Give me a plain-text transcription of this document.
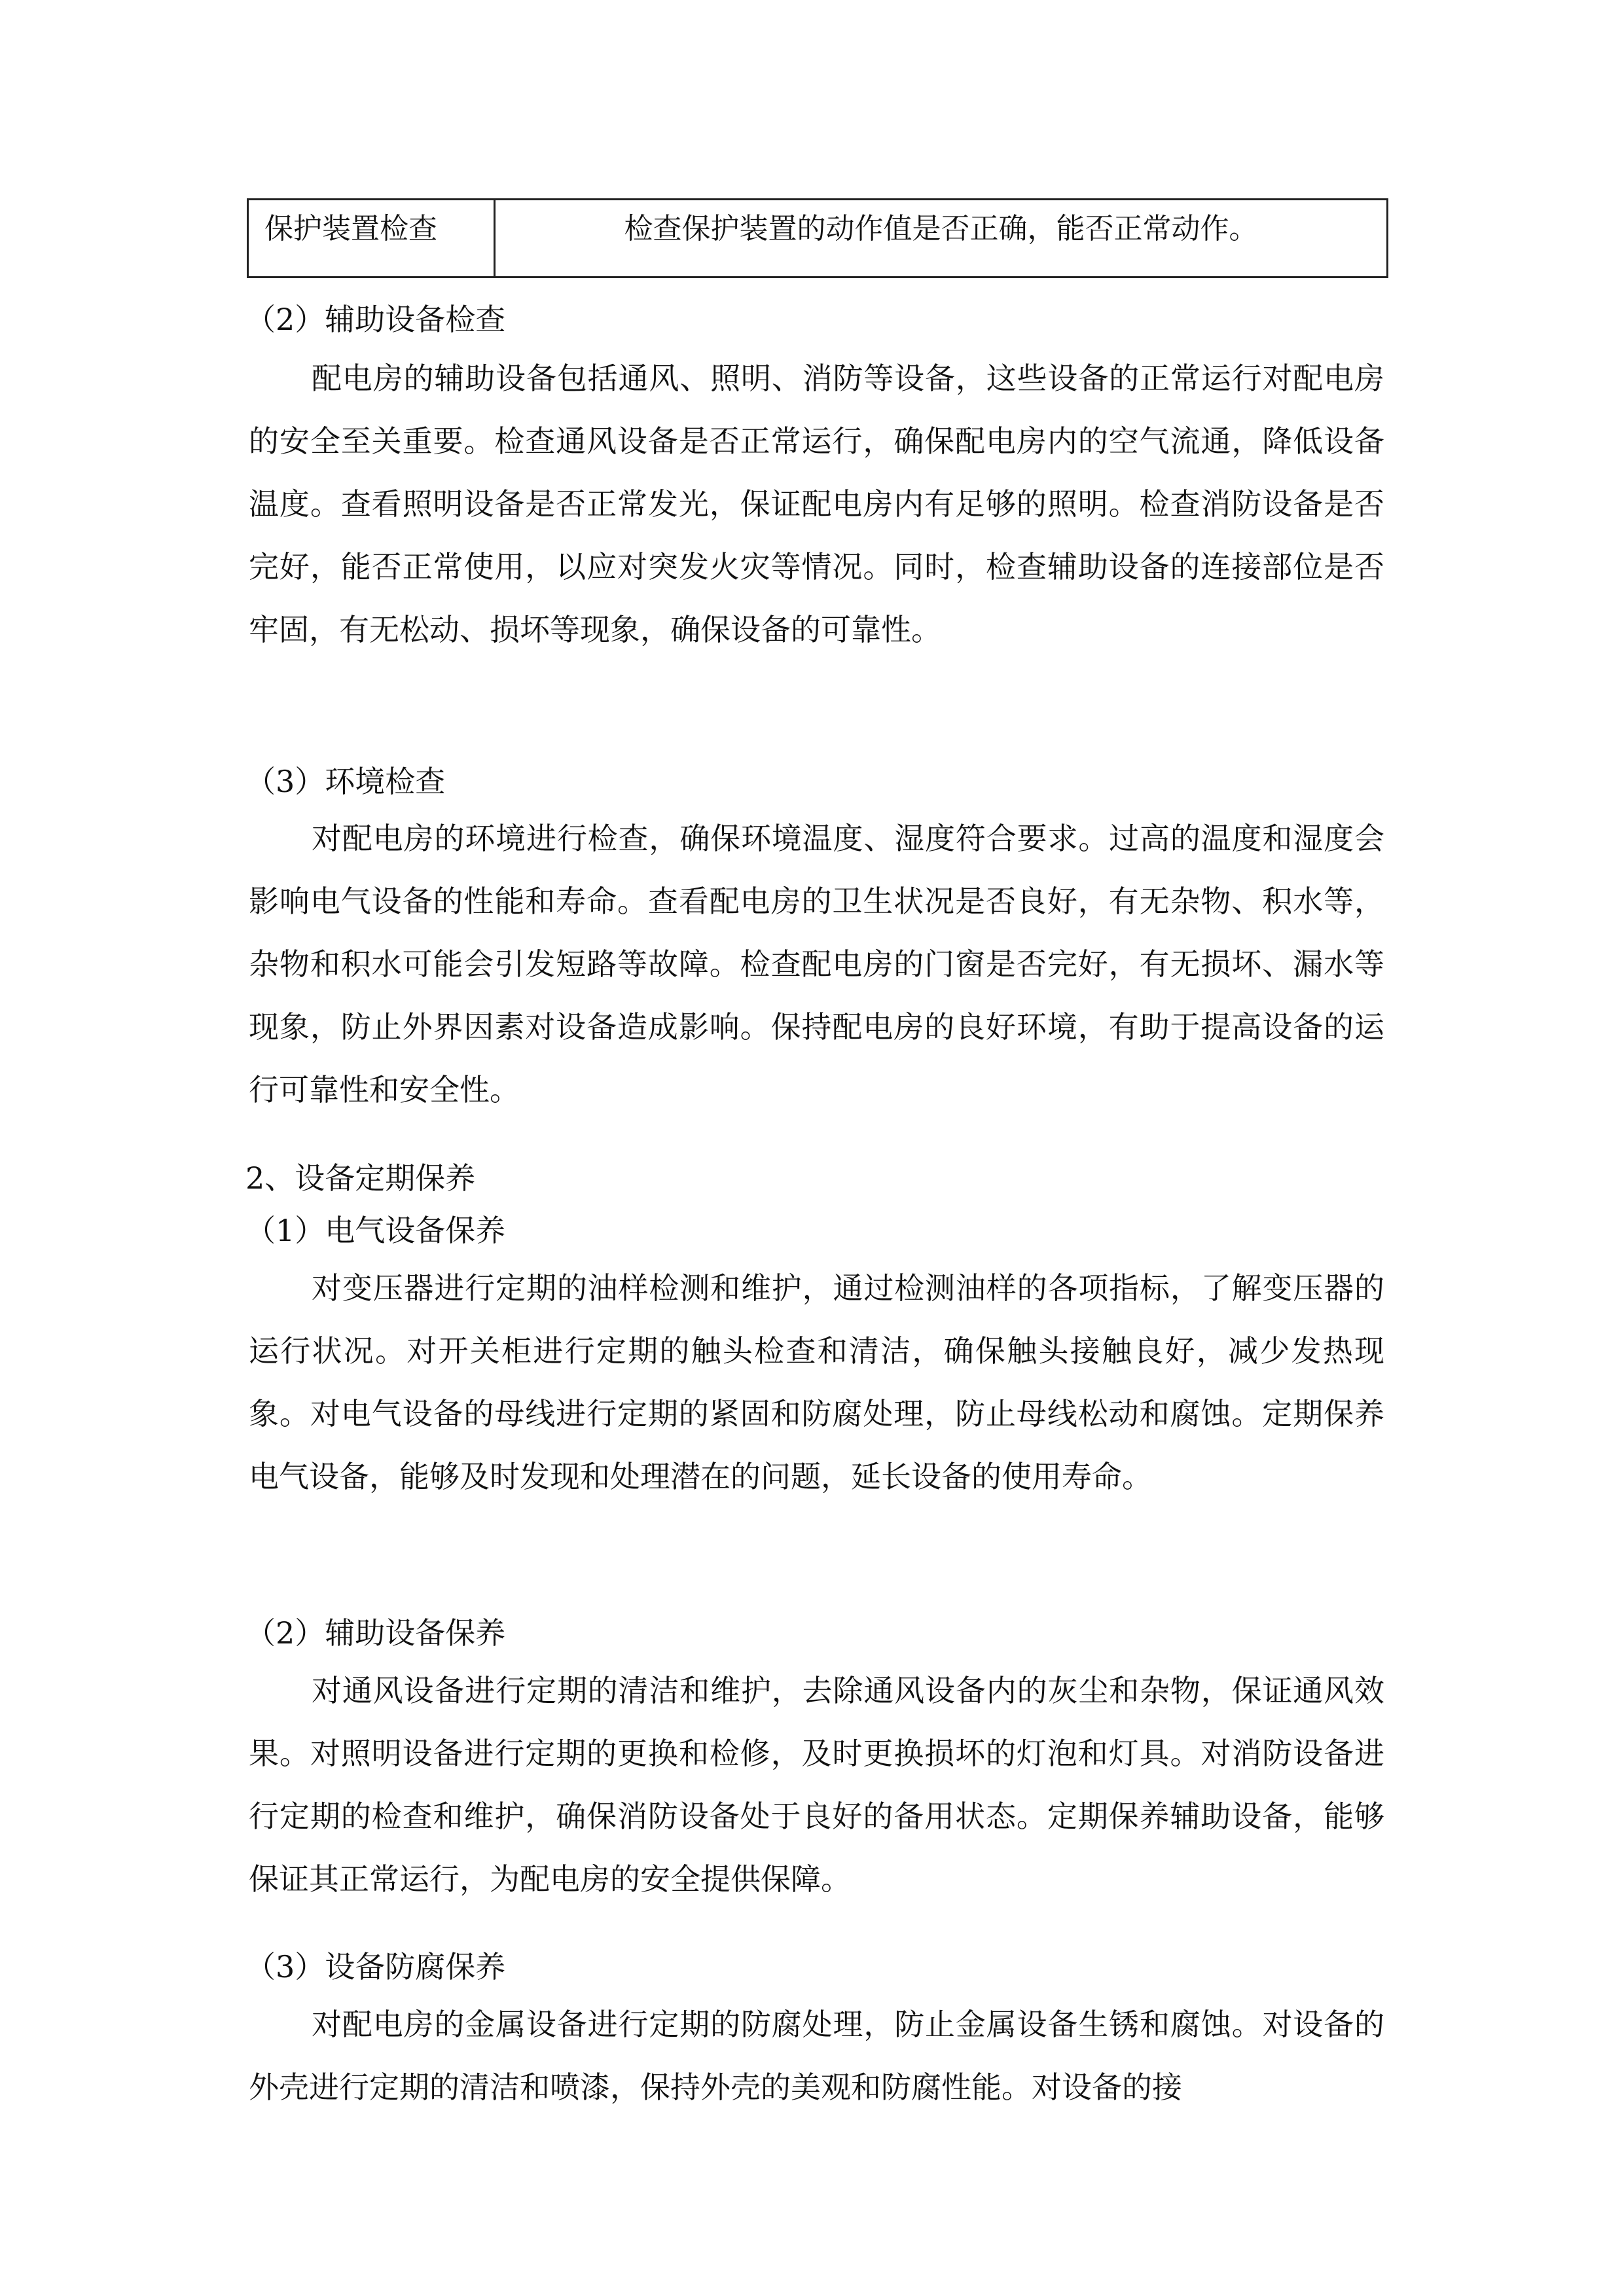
保护装置检查	检查保护装置的动作值是否正确，能否正常动作。
（2）辅助设备检查

配电房的辅助设备包括通风、照明、消防等设备，这些设备的正常运行对配电房的安全至关重要。检查通风设备是否正常运行，确保配电房内的空气流通，降低设备温度。查看照明设备是否正常发光，保证配电房内有足够的照明。检查消防设备是否完好，能否正常使用，以应对突发火灾等情况。同时，检查辅助设备的连接部位是否牢固，有无松动、损坏等现象，确保设备的可靠性。

（3）环境检查

对配电房的环境进行检查，确保环境温度、湿度符合要求。过高的温度和湿度会影响电气设备的性能和寿命。查看配电房的卫生状况是否良好，有无杂物、积水等，杂物和积水可能会引发短路等故障。检查配电房的门窗是否完好，有无损坏、漏水等现象，防止外界因素对设备造成影响。保持配电房的良好环境，有助于提高设备的运行可靠性和安全性。

2、设备定期保养
（1）电气设备保养

对变压器进行定期的油样检测和维护，通过检测油样的各项指标，了解变压器的运行状况。对开关柜进行定期的触头检查和清洁，确保触头接触良好，减少发热现象。对电气设备的母线进行定期的紧固和防腐处理，防止母线松动和腐蚀。定期保养电气设备，能够及时发现和处理潜在的问题，延长设备的使用寿命。

（2）辅助设备保养

对通风设备进行定期的清洁和维护，去除通风设备内的灰尘和杂物，保证通风效果。对照明设备进行定期的更换和检修，及时更换损坏的灯泡和灯具。对消防设备进行定期的检查和维护，确保消防设备处于良好的备用状态。定期保养辅助设备，能够保证其正常运行，为配电房的安全提供保障。

（3）设备防腐保养

对配电房的金属设备进行定期的防腐处理，防止金属设备生锈和腐蚀。对设备的外壳进行定期的清洁和喷漆，保持外壳的美观和防腐性能。对设备的接
